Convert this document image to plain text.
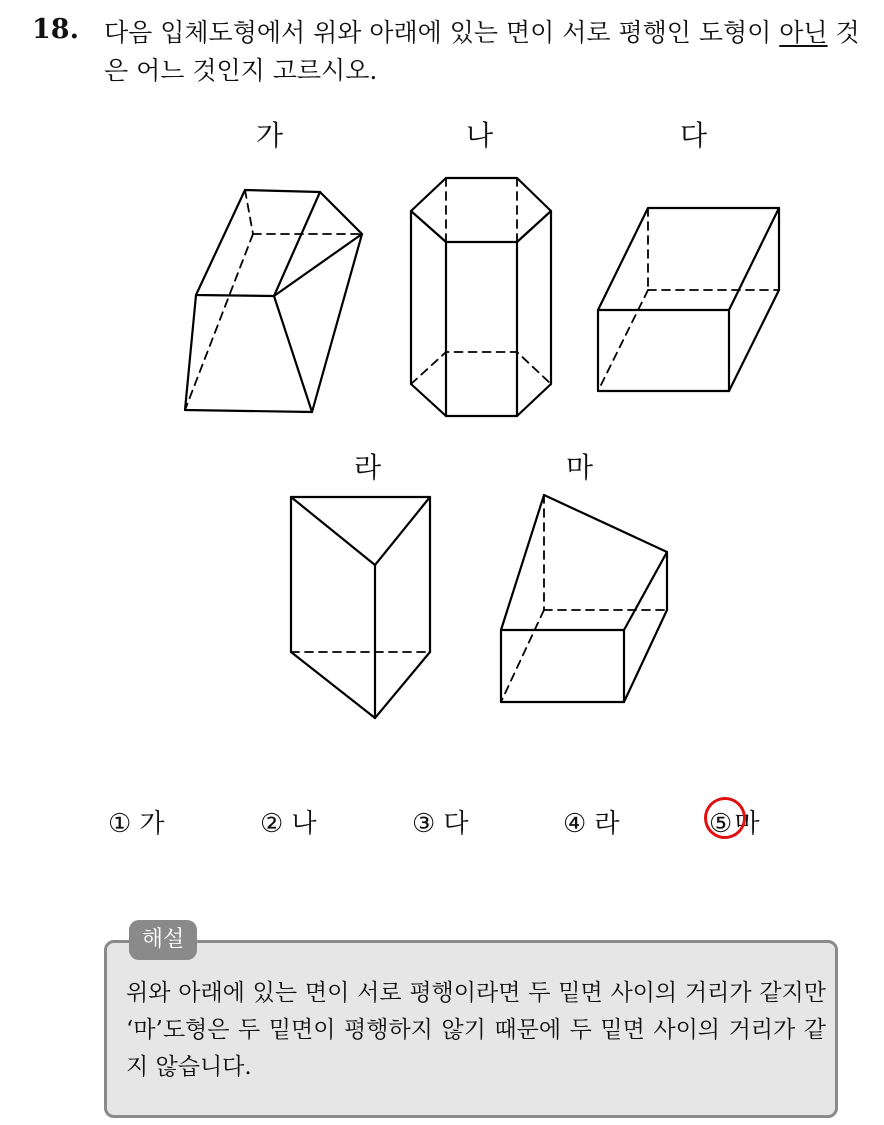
18. 다음 입체도형에서 위와 아래에 있는 면이 서로 평행인 도형이 아닌 것은 어느 것인지 고르시오.
가	나	다
라	마
① 가	② 나	③ 다	④ 라	⑤마
해설
위와 아래에 있는 면이 서로 평행이라면 두 밑면 사이의 거리가 같지만 ‘마’도형은 두 밑면이 평행하지 않기 때문에 두 밑면 사이의 거리가 같지 않습니다.
